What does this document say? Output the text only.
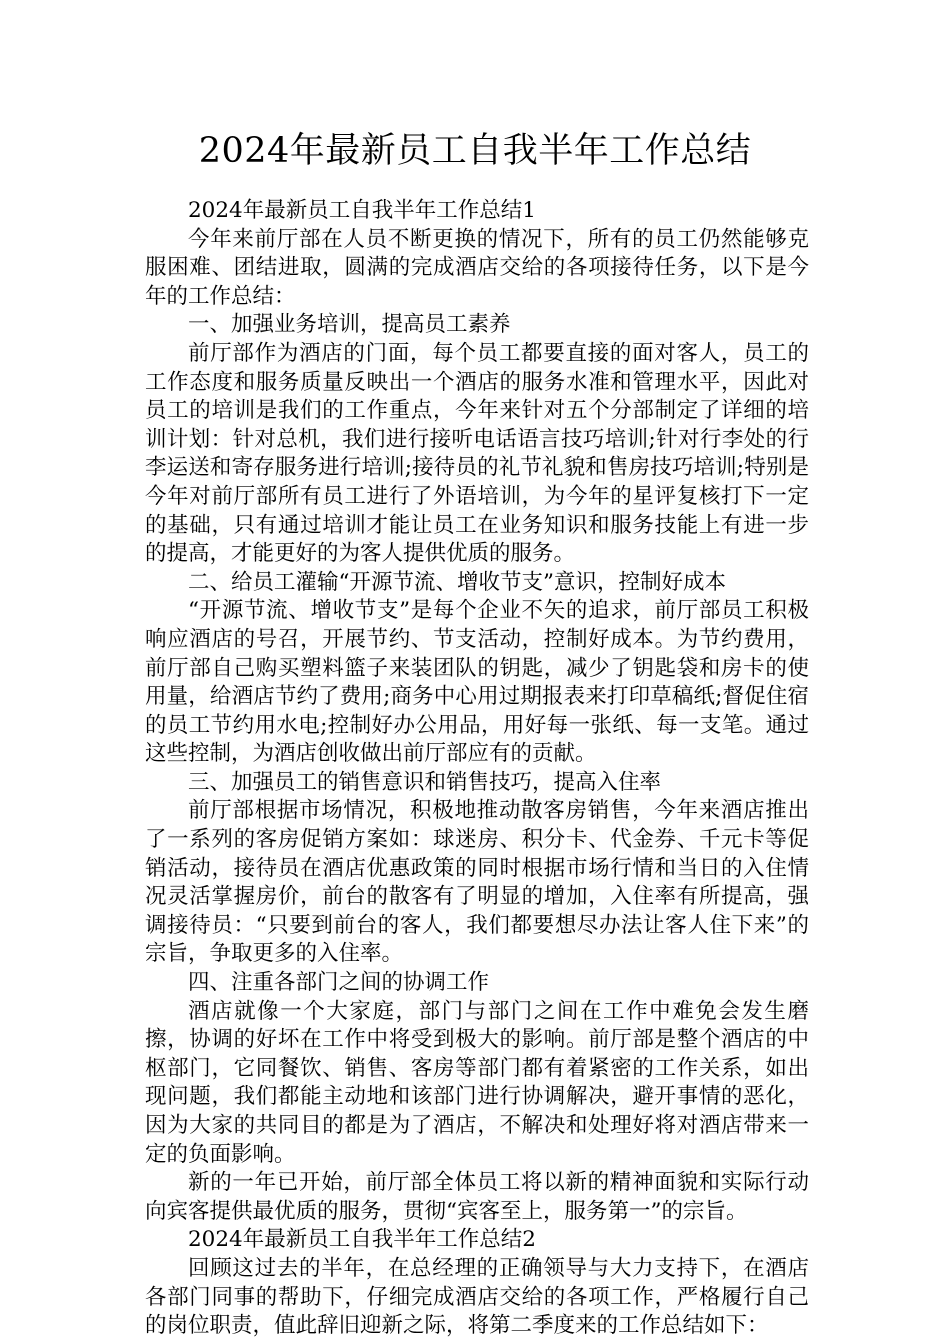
2024年最新员工自我半年工作总结

2024年最新员工自我半年工作总结1

今年来前厅部在人员不断更换的情况下，所有的员工仍然能够克服困难、团结进取，圆满的完成酒店交给的各项接待任务，以下是今年的工作总结：

一、加强业务培训，提高员工素养

前厅部作为酒店的门面，每个员工都要直接的面对客人，员工的工作态度和服务质量反映出一个酒店的服务水准和管理水平，因此对员工的培训是我们的工作重点，今年来针对五个分部制定了详细的培训计划：针对总机，我们进行接听电话语言技巧培训;针对行李处的行李运送和寄存服务进行培训;接待员的礼节礼貌和售房技巧培训;特别是今年对前厅部所有员工进行了外语培训，为今年的星评复核打下一定的基础，只有通过培训才能让员工在业务知识和服务技能上有进一步的提高，才能更好的为客人提供优质的服务。

二、给员工灌输“开源节流、增收节支”意识，控制好成本

“开源节流、增收节支”是每个企业不矢的追求，前厅部员工积极响应酒店的号召，开展节约、节支活动，控制好成本。为节约费用，前厅部自己购买塑料篮子来装团队的钥匙，减少了钥匙袋和房卡的使用量，给酒店节约了费用;商务中心用过期报表来打印草稿纸;督促住宿的员工节约用水电;控制好办公用品，用好每一张纸、每一支笔。通过这些控制，为酒店创收做出前厅部应有的贡献。

三、加强员工的销售意识和销售技巧，提高入住率

前厅部根据市场情况，积极地推动散客房销售，今年来酒店推出了一系列的客房促销方案如：球迷房、积分卡、代金券、千元卡等促销活动，接待员在酒店优惠政策的同时根据市场行情和当日的入住情况灵活掌握房价，前台的散客有了明显的增加，入住率有所提高，强调接待员：“只要到前台的客人，我们都要想尽办法让客人住下来”的宗旨，争取更多的入住率。

四、注重各部门之间的协调工作

酒店就像一个大家庭，部门与部门之间在工作中难免会发生磨擦，协调的好坏在工作中将受到极大的影响。前厅部是整个酒店的中枢部门，它同餐饮、销售、客房等部门都有着紧密的工作关系，如出现问题，我们都能主动地和该部门进行协调解决，避开事情的恶化，因为大家的共同目的都是为了酒店，不解决和处理好将对酒店带来一定的负面影响。

新的一年已开始，前厅部全体员工将以新的精神面貌和实际行动向宾客提供最优质的服务，贯彻“宾客至上，服务第一”的宗旨。

2024年最新员工自我半年工作总结2

回顾这过去的半年，在总经理的正确领导与大力支持下，在酒店各部门同事的帮助下，仔细完成酒店交给的各项工作，严格履行自己的岗位职责，值此辞旧迎新之际，将第二季度来的工作总结如下：
